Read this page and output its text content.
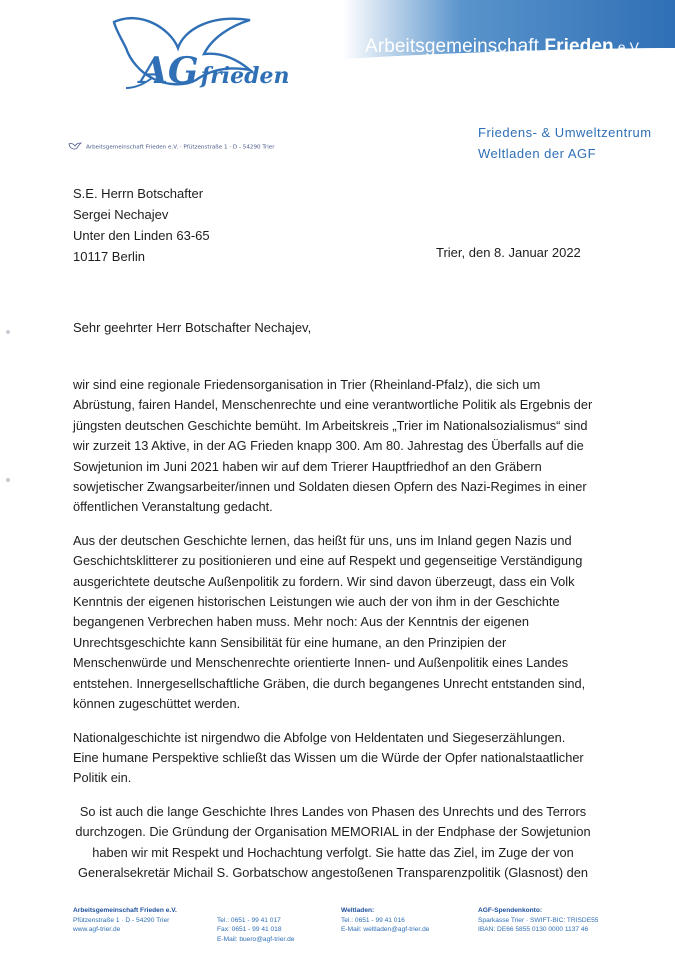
AGfrieden
Arbeitsgemeinschaft Frieden e.V.
Friedens- & Umweltzentrum
Weltladen der AGF
Arbeitsgemeinschaft Frieden e.V. · Pfützenstraße 1 · D - 54290 Trier
S.E. Herrn Botschafter
Sergei Nechajev
Unter den Linden 63-65
10117 Berlin	Trier, den 8. Januar 2022
Sehr geehrter Herr Botschafter Nechajev,

wir sind eine regionale Friedensorganisation in Trier (Rheinland-Pfalz), die sich um Abrüstung, fairen Handel, Menschenrechte und eine verantwortliche Politik als Ergebnis der jüngsten deutschen Geschichte bemüht. Im Arbeitskreis „Trier im Nationalsozialismus“ sind wir zurzeit 13 Aktive, in der AG Frieden knapp 300. Am 80. Jahrestag des Überfalls auf die Sowjetunion im Juni 2021 haben wir auf dem Trierer Hauptfriedhof an den Gräbern sowjetischer Zwangsarbeiter/innen und Soldaten diesen Opfern des Nazi-Regimes in einer öffentlichen Veranstaltung gedacht.

Aus der deutschen Geschichte lernen, das heißt für uns, uns im Inland gegen Nazis und Geschichtsklitterer zu positionieren und eine auf Respekt und gegenseitige Verständigung ausgerichtete deutsche Außenpolitik zu fordern. Wir sind davon überzeugt, dass ein Volk Kenntnis der eigenen historischen Leistungen wie auch der von ihm in der Geschichte begangenen Verbrechen haben muss. Mehr noch: Aus der Kenntnis der eigenen Unrechtsgeschichte kann Sensibilität für eine humane, an den Prinzipien der Menschenwürde und Menschenrechte orientierte Innen- und Außenpolitik eines Landes entstehen. Innergesellschaftliche Gräben, die durch begangenes Unrecht entstanden sind, können zugeschüttet werden.

Nationalgeschichte ist nirgendwo die Abfolge von Heldentaten und Siegeserzählungen. Eine humane Perspektive schließt das Wissen um die Würde der Opfer nationalstaatlicher Politik ein.

So ist auch die lange Geschichte Ihres Landes von Phasen des Unrechts und des Terrors durchzogen. Die Gründung der Organisation MEMORIAL in der Endphase der Sowjetunion haben wir mit Respekt und Hochachtung verfolgt. Sie hatte das Ziel, im Zuge der von Generalsekretär Michail S. Gorbatschow angestoßenen Transparenzpolitik (Glasnost) den

Arbeitsgemeinschaft Frieden e.V.
Pfützenstraße 1 · D - 54290 Trier
www.agf-trier.de
Tel.: 0651 - 99 41 017
Fax: 0651 - 99 41 018
E-Mail: buero@agf-trier.de
Weltladen:
Tel.: 0651 - 99 41 016
E-Mail: weltladen@agf-trier.de
AGF-Spendenkonto:
Sparkasse Trier · SWIFT-BIC: TRISDE55
IBAN: DE66 5855 0130 0000 1137 46
